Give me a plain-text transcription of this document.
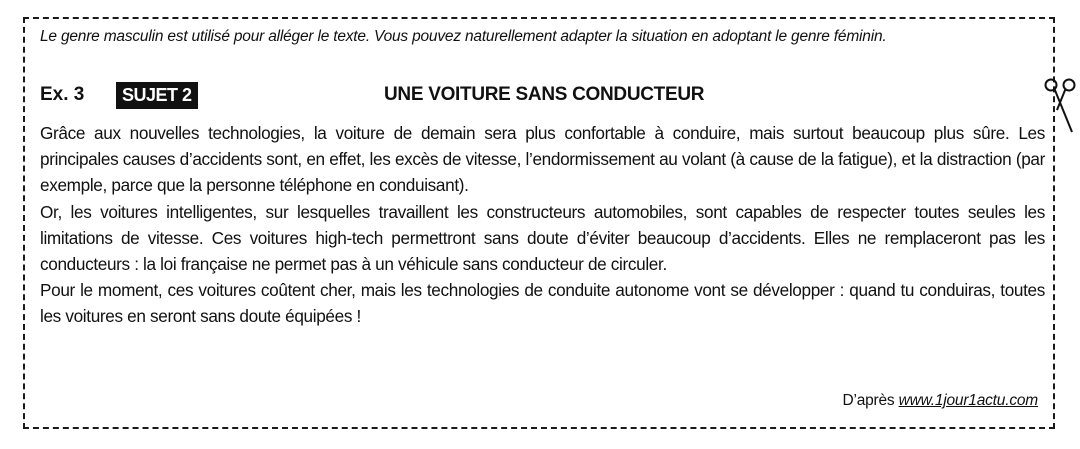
Le genre masculin est utilisé pour alléger le texte. Vous pouvez naturellement adapter la situation en adoptant le genre féminin.
Ex. 3	SUJET 2	UNE VOITURE SANS CONDUCTEUR

Grâce aux nouvelles technologies, la voiture de demain sera plus confortable à conduire, mais surtout beaucoup plus sûre. Les principales causes d’accidents sont, en effet, les excès de vitesse, l’endormissement au volant (à cause de la fatigue), et la distraction (par exemple, parce que la personne téléphone en conduisant).

Or, les voitures intelligentes, sur lesquelles travaillent les constructeurs automobiles, sont capables de respecter toutes seules les limitations de vitesse. Ces voitures high-tech permettront sans doute d’éviter beaucoup d’accidents. Elles ne remplaceront pas les conducteurs : la loi française ne permet pas à un véhicule sans conducteur de circuler.

Pour le moment, ces voitures coûtent cher, mais les technologies de conduite autonome vont se développer : quand tu conduiras, toutes les voitures en seront sans doute équipées !

D’après www.1jour1actu.com
